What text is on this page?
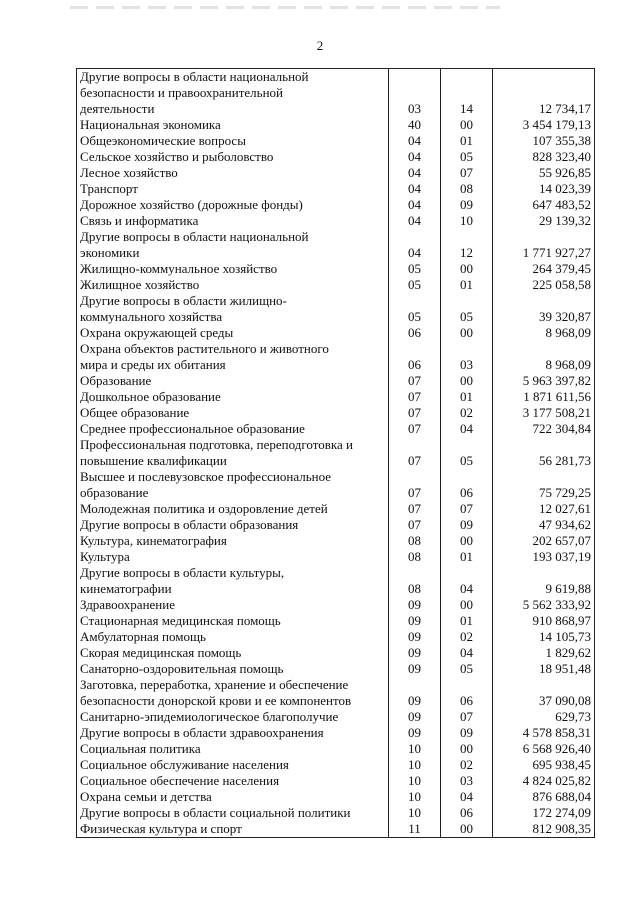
2
Другие вопросы в области национальной
безопасности и правоохранительной
деятельности	03	14	12 734,17

Национальная экономика	40	00	3 454 179,13

Общеэкономические вопросы	04	01	107 355,38

Сельское хозяйство и рыболовство	04	05	828 323,40

Лесное хозяйство	04	07	55 926,85

Транспорт	04	08	14 023,39

Дорожное хозяйство (дорожные фонды)	04	09	647 483,52

Связь и информатика	04	10	29 139,32

Другие вопросы в области национальной
экономики	04	12	1 771 927,27

Жилищно-коммунальное хозяйство	05	00	264 379,45

Жилищное хозяйство	05	01	225 058,58

Другие вопросы в области жилищно-
коммунального хозяйства	05	05	39 320,87

Охрана окружающей среды	06	00	8 968,09

Охрана объектов растительного и животного
мира и среды их обитания	06	03	8 968,09

Образование	07	00	5 963 397,82

Дошкольное образование	07	01	1 871 611,56

Общее образование	07	02	3 177 508,21

Среднее профессиональное образование	07	04	722 304,84

Профессиональная подготовка, переподготовка и
повышение квалификации	07	05	56 281,73

Высшее и послевузовское профессиональное
образование	07	06	75 729,25

Молодежная политика и оздоровление детей	07	07	12 027,61

Другие вопросы в области образования	07	09	47 934,62

Культура, кинематография	08	00	202 657,07

Культура	08	01	193 037,19

Другие вопросы в области культуры,
кинематографии	08	04	9 619,88

Здравоохранение	09	00	5 562 333,92

Стационарная медицинская помощь	09	01	910 868,97

Амбулаторная помощь	09	02	14 105,73

Скорая медицинская помощь	09	04	1 829,62

Санаторно-оздоровительная помощь	09	05	18 951,48

Заготовка, переработка, хранение и обеспечение
безопасности донорской крови и ее компонентов	09	06	37 090,08

Санитарно-эпидемиологическое благополучие	09	07	629,73

Другие вопросы в области здравоохранения	09	09	4 578 858,31

Социальная политика	10	00	6 568 926,40

Социальное обслуживание населения	10	02	695 938,45

Социальное обеспечение населения	10	03	4 824 025,82

Охрана семьи и детства	10	04	876 688,04

Другие вопросы в области социальной политики	10	06	172 274,09

Физическая культура и спорт	11	00	812 908,35
